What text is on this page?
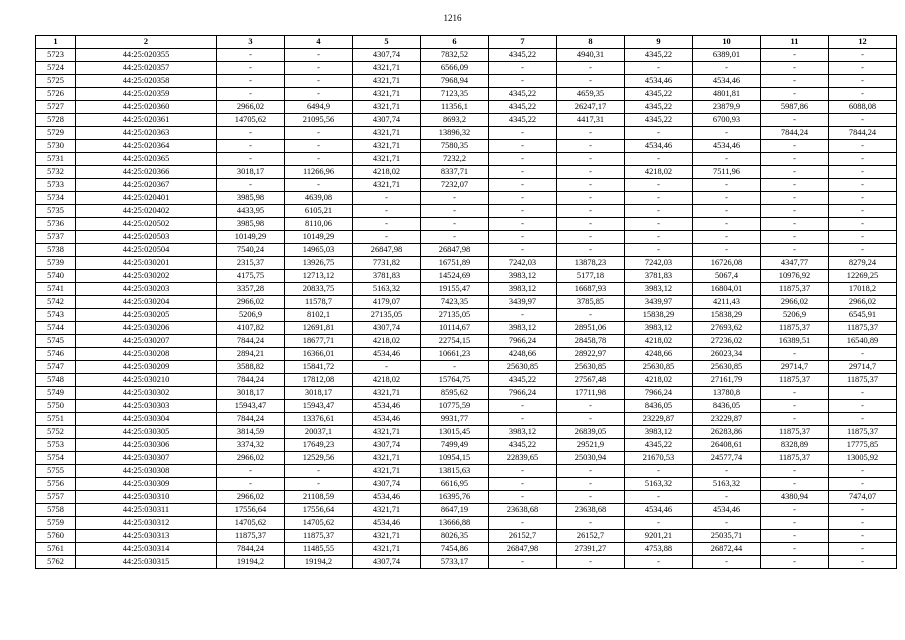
1216
1	2	3	4	5	6	7	8	9	10	11	12
5723	44:25:020355	-	-	4307,74	7832,52	4345,22	4940,31	4345,22	6389,01	-	-
5724	44:25:020357	-	-	4321,71	6566,09	-	-	-	-	-	-
5725	44:25:020358	-	-	4321,71	7968,94	-	-	4534,46	4534,46	-	-
5726	44:25:020359	-	-	4321,71	7123,35	4345,22	4659,35	4345,22	4801,81	-	-
5727	44:25:020360	2966,02	6494,9	4321,71	11356,1	4345,22	26247,17	4345,22	23879,9	5987,86	6088,08
5728	44:25:020361	14705,62	21095,56	4307,74	8693,2	4345,22	4417,31	4345,22	6700,93	-	-
5729	44:25:020363	-	-	4321,71	13896,32	-	-	-	-	7844,24	7844,24
5730	44:25:020364	-	-	4321,71	7580,35	-	-	4534,46	4534,46	-	-
5731	44:25:020365	-	-	4321,71	7232,2	-	-	-	-	-	-
5732	44:25:020366	3018,17	11266,96	4218,02	8337,71	-	-	4218,02	7511,96	-	-
5733	44:25:020367	-	-	4321,71	7232,07	-	-	-	-	-	-
5734	44:25:020401	3985,98	4639,08	-	-	-	-	-	-	-	-
5735	44:25:020402	4433,95	6105,21	-	-	-	-	-	-	-	-
5736	44:25:020502	3985,98	8110,06	-	-	-	-	-	-	-	-
5737	44:25:020503	10149,29	10149,29	-	-	-	-	-	-	-	-
5738	44:25:020504	7540,24	14965,03	26847,98	26847,98	-	-	-	-	-	-
5739	44:25:030201	2315,37	13926,75	7731,82	16751,89	7242,03	13878,23	7242,03	16726,08	4347,77	8279,24
5740	44:25:030202	4175,75	12713,12	3781,83	14524,69	3983,12	5177,18	3781,83	5067,4	10976,92	12269,25
5741	44:25:030203	3357,28	20833,75	5163,32	19155,47	3983,12	16687,93	3983,12	16804,01	11875,37	17018,2
5742	44:25:030204	2966,02	11578,7	4179,07	7423,35	3439,97	3785,85	3439,97	4211,43	2966,02	2966,02
5743	44:25:030205	5206,9	8102,1	27135,05	27135,05	-	-	15838,29	15838,29	5206,9	6545,91
5744	44:25:030206	4107,82	12691,81	4307,74	10114,67	3983,12	28951,06	3983,12	27693,62	11875,37	11875,37
5745	44:25:030207	7844,24	18677,71	4218,02	22754,15	7966,24	28458,78	4218,02	27236,02	16389,51	16540,89
5746	44:25:030208	2894,21	16366,01	4534,46	10661,23	4248,66	28922,97	4248,66	26023,34	-	-
5747	44:25:030209	3588,82	15841,72	-	-	25630,85	25630,85	25630,85	25630,85	29714,7	29714,7
5748	44:25:030210	7844,24	17812,08	4218,02	15764,75	4345,22	27567,48	4218,02	27161,79	11875,37	11875,37
5749	44:25:030302	3018,17	3018,17	4321,71	8595,62	7966,24	17711,98	7966,24	13780,8	-	-
5750	44:25:030303	15943,47	15943,47	4534,46	10775,59	-	-	8436,05	8436,05	-	-
5751	44:25:030304	7844,24	13376,61	4534,46	9931,77	-	-	23229,87	23229,87	-	-
5752	44:25:030305	3814,59	20037,1	4321,71	13015,45	3983,12	26839,05	3983,12	26283,86	11875,37	11875,37
5753	44:25:030306	3374,32	17649,23	4307,74	7499,49	4345,22	29521,9	4345,22	26408,61	8328,89	17775,85
5754	44:25:030307	2966,02	12529,56	4321,71	10954,15	22839,65	25030,94	21670,53	24577,74	11875,37	13005,92
5755	44:25:030308	-	-	4321,71	13815,63	-	-	-	-	-	-
5756	44:25:030309	-	-	4307,74	6616,95	-	-	5163,32	5163,32	-	-
5757	44:25:030310	2966,02	21108,59	4534,46	16395,76	-	-	-	-	4380,94	7474,07
5758	44:25:030311	17556,64	17556,64	4321,71	8647,19	23638,68	23638,68	4534,46	4534,46	-	-
5759	44:25:030312	14705,62	14705,62	4534,46	13666,88	-	-	-	-	-	-
5760	44:25:030313	11875,37	11875,37	4321,71	8026,35	26152,7	26152,7	9201,21	25035,71	-	-
5761	44:25:030314	7844,24	11485,55	4321,71	7454,86	26847,98	27391,27	4753,88	26872,44	-	-
5762	44:25:030315	19194,2	19194,2	4307,74	5733,17	-	-	-	-	-	-
